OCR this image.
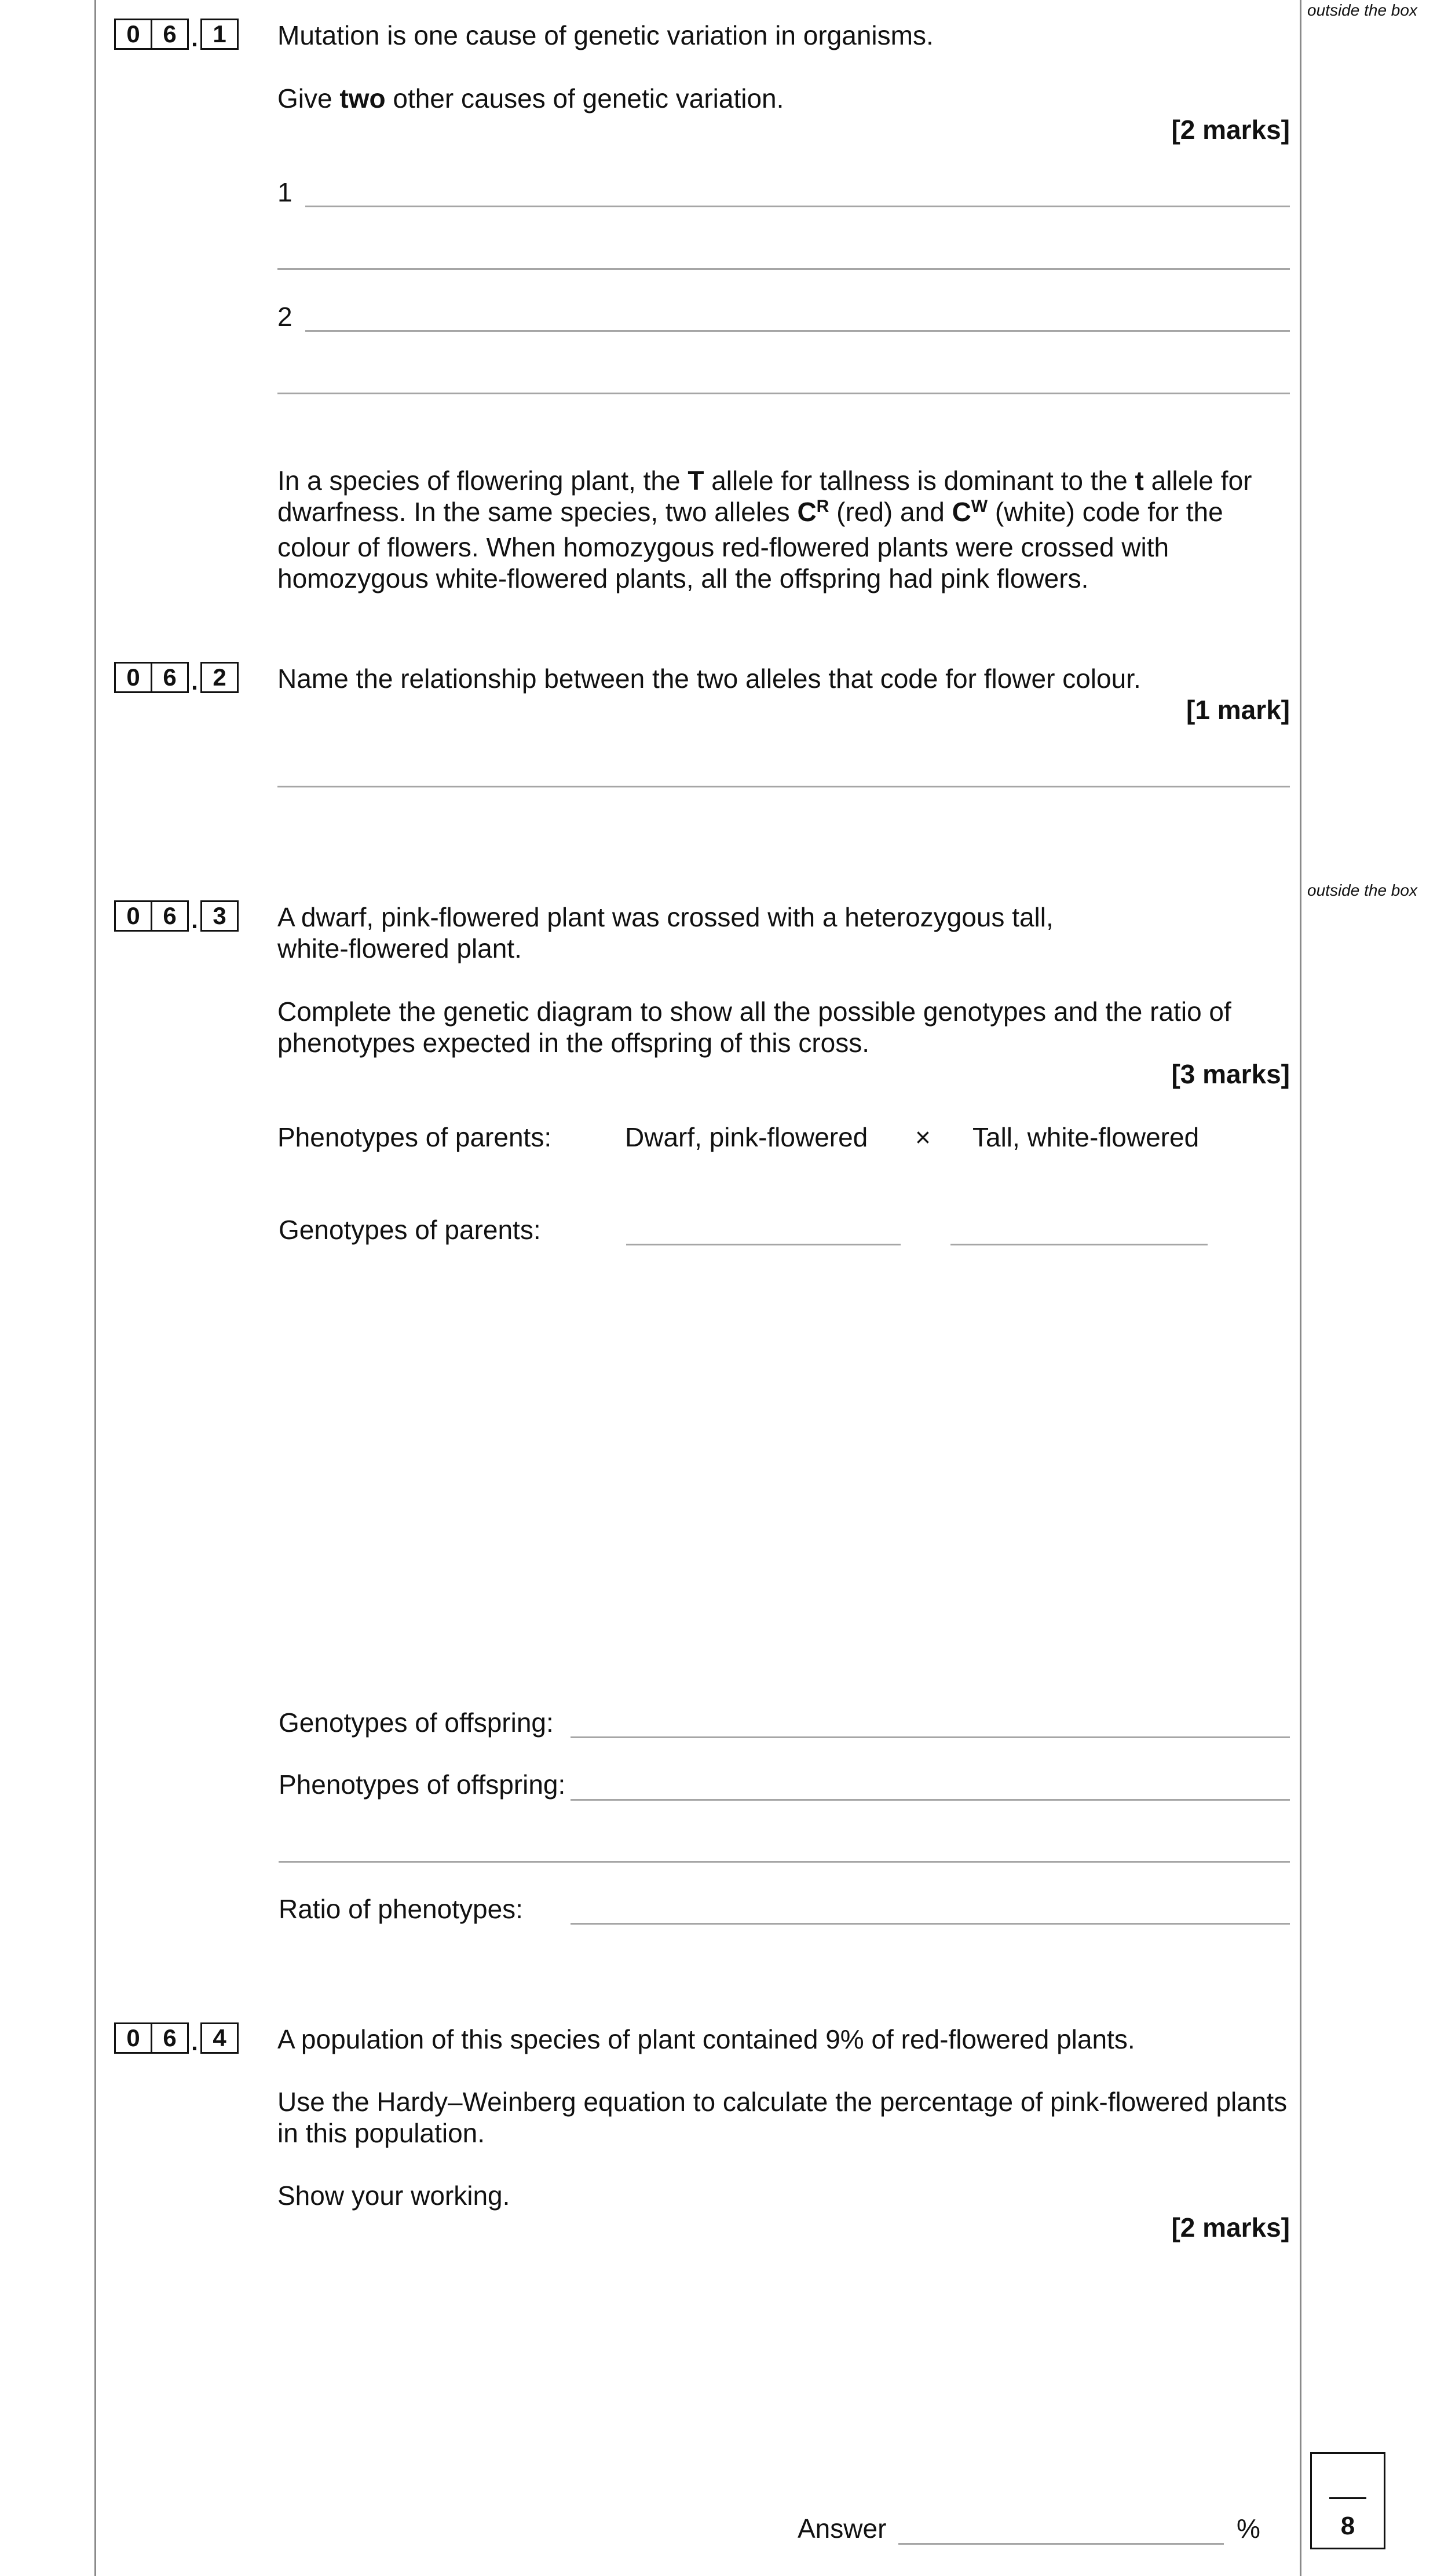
outside the box
outside the box
0 6 . 1	Mutation is one cause of genetic variation in organisms.
Give two other causes of genetic variation.
[2 marks]
1
2
In a species of flowering plant, the T allele for tallness is dominant to the t allele for dwarfness. In the same species, two alleles $C^R$ (red) and $C^W$ (white) code for the colour of flowers. When homozygous red-flowered plants were crossed with homozygous white-flowered plants, all the offspring had pink flowers.
0 6 . 2	Name the relationship between the two alleles that code for flower colour.
[1 mark]
0 6 . 3	A dwarf, pink-flowered plant was crossed with a heterozygous tall,
white-flowered plant.
Complete the genetic diagram to show all the possible genotypes and the ratio of
phenotypes expected in the offspring of this cross.
[3 marks]
Phenotypes of parents:	Dwarf, pink-flowered × Tall, white-flowered
Genotypes of parents:
Genotypes of offspring:
Phenotypes of offspring:
Ratio of phenotypes:
0 6 . 4	A population of this species of plant contained 9% of red-flowered plants.
Use the Hardy–Weinberg equation to calculate the percentage of pink-flowered plants
in this population.
Show your working.
[2 marks]
Answer	%	8
